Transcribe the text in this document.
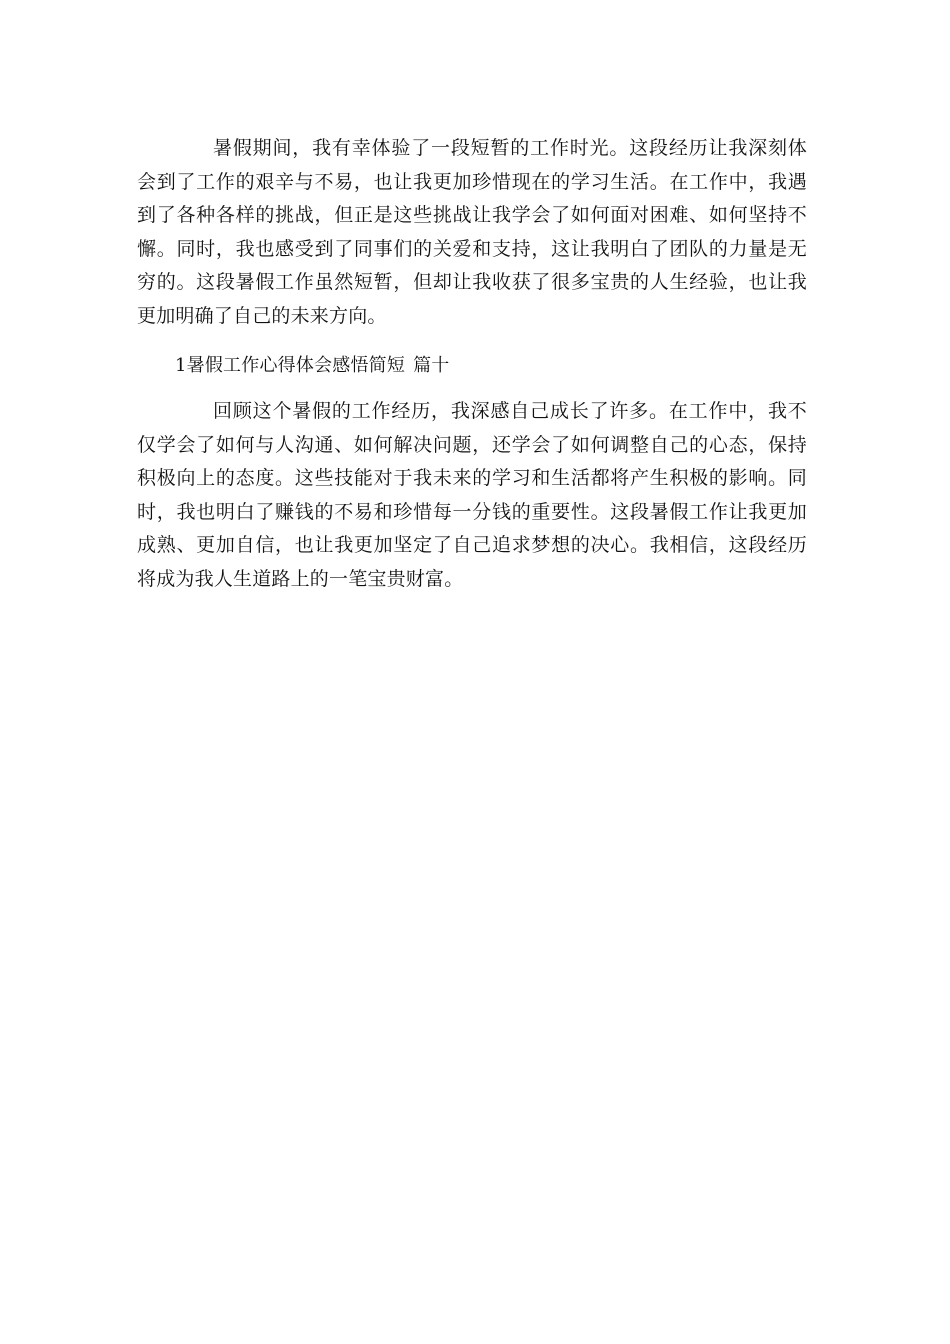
暑假期间，我有幸体验了一段短暂的工作时光。这段经历让我深刻体会到了工作的艰辛与不易，也让我更加珍惜现在的学习生活。在工作中，我遇到了各种各样的挑战，但正是这些挑战让我学会了如何面对困难、如何坚持不懈。同时，我也感受到了同事们的关爱和支持，这让我明白了团队的力量是无穷的。这段暑假工作虽然短暂，但却让我收获了很多宝贵的人生经验，也让我更加明确了自己的未来方向。

1暑假工作心得体会感悟简短 篇十

回顾这个暑假的工作经历，我深感自己成长了许多。在工作中，我不仅学会了如何与人沟通、如何解决问题，还学会了如何调整自己的心态，保持积极向上的态度。这些技能对于我未来的学习和生活都将产生积极的影响。同时，我也明白了赚钱的不易和珍惜每一分钱的重要性。这段暑假工作让我更加成熟、更加自信，也让我更加坚定了自己追求梦想的决心。我相信，这段经历将成为我人生道路上的一笔宝贵财富。
